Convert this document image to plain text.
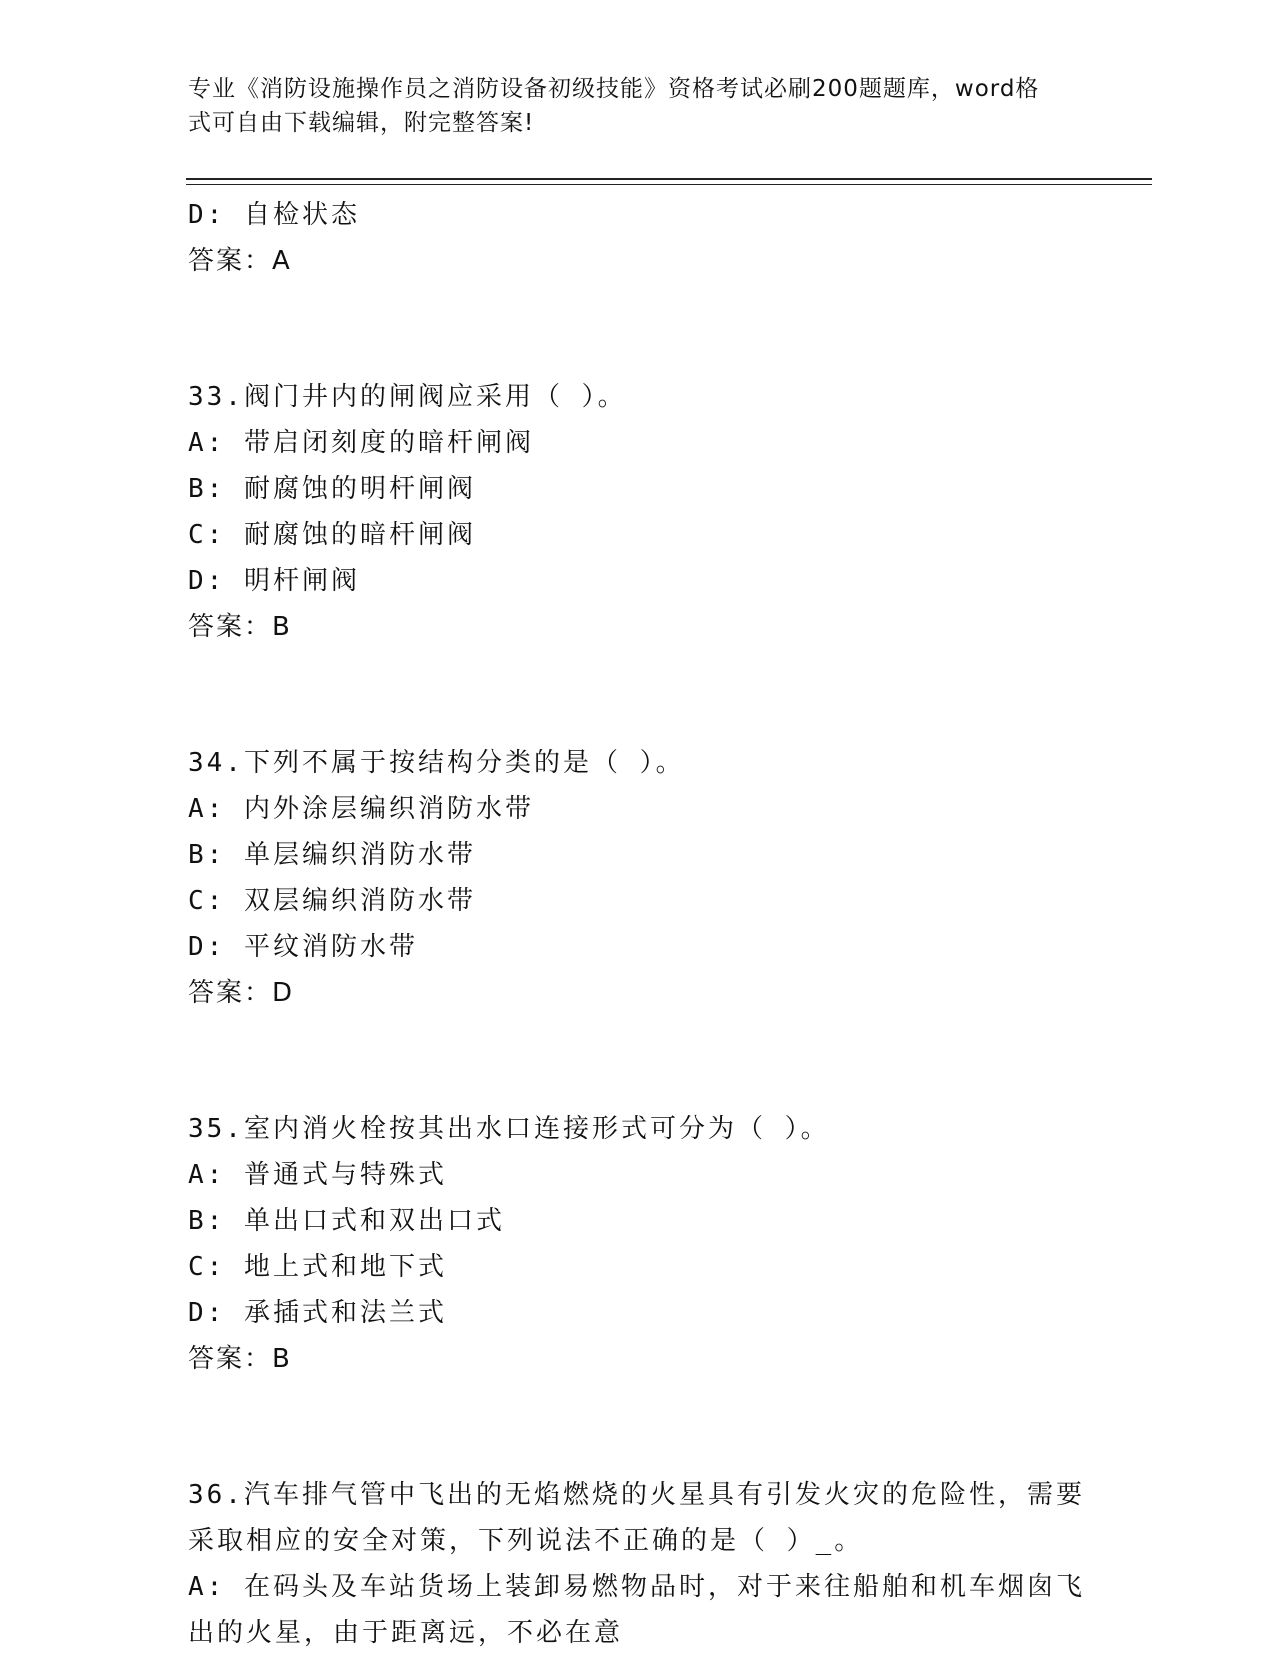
专业《消防设施操作员之消防设备初级技能》资格考试必刷200题题库，word格
式可自由下载编辑，附完整答案!
D: 自检状态
答案：A
33.阀门井内的闸阀应采用（ ）。
A: 带启闭刻度的暗杆闸阀
B: 耐腐蚀的明杆闸阀
C: 耐腐蚀的暗杆闸阀
D: 明杆闸阀
答案：B
34.下列不属于按结构分类的是（ ）。
A: 内外涂层编织消防水带
B: 单层编织消防水带
C: 双层编织消防水带
D: 平纹消防水带
答案：D
35.室内消火栓按其出水口连接形式可分为（ ）。
A: 普通式与特殊式
B: 单出口式和双出口式
C: 地上式和地下式
D: 承插式和法兰式
答案：B
36.汽车排气管中飞出的无焰燃烧的火星具有引发火灾的危险性，需要
采取相应的安全对策，下列说法不正确的是（ ）_。
A: 在码头及车站货场上装卸易燃物品时，对于来往船舶和机车烟囱飞
出的火星，由于距离远，不必在意
